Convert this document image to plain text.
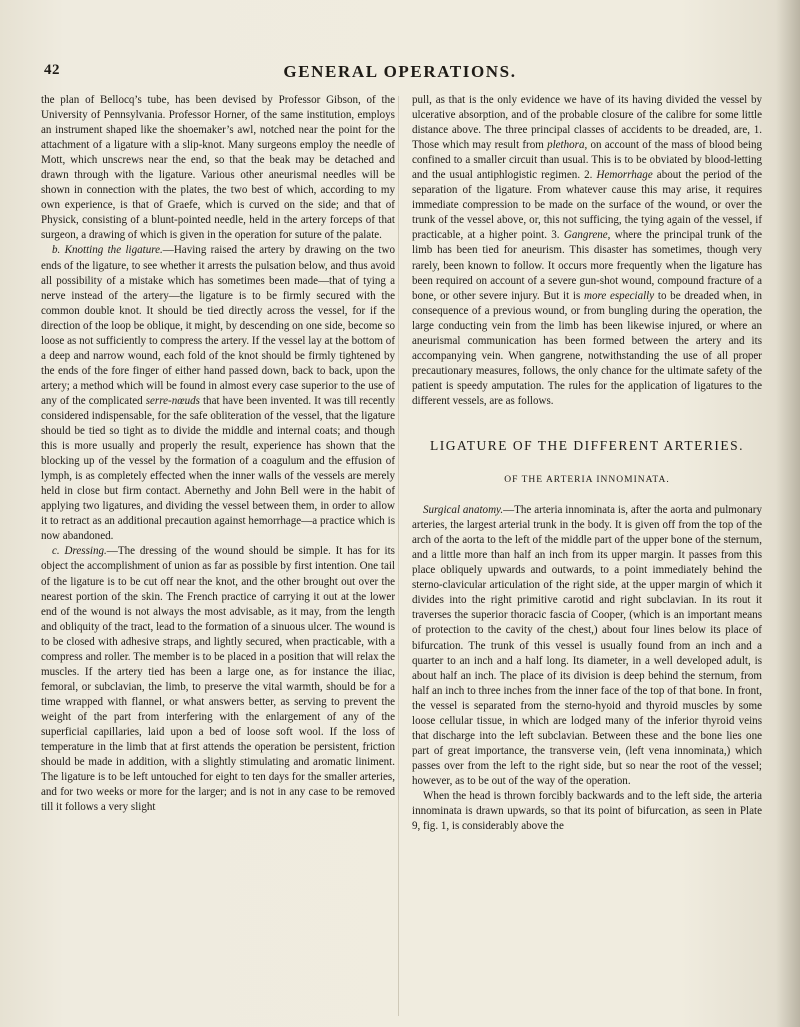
42	GENERAL OPERATIONS.

the plan of Bellocq’s tube, has been devised by Professor Gibson, of the University of Pennsylvania. Professor Horner, of the same institution, employs an instrument shaped like the shoemaker’s awl, notched near the point for the attachment of a ligature with a slip-knot. Many surgeons employ the needle of Mott, which unscrews near the end, so that the beak may be detached and drawn through with the ligature. Various other aneurismal needles will be shown in connection with the plates, the two best of which, according to my own experience, is that of Graefe, which is curved on the side; and that of Physick, consisting of a blunt-pointed needle, held in the artery forceps of that surgeon, a drawing of which is given in the operation for suture of the palate.

b. Knotting the ligature.—Having raised the artery by drawing on the two ends of the ligature, to see whether it arrests the pulsation below, and thus avoid all possibility of a mistake which has sometimes been made—that of tying a nerve instead of the artery—the ligature is to be firmly secured with the common double knot. It should be tied directly across the vessel, for if the direction of the loop be oblique, it might, by descending on one side, become so loose as not sufficiently to compress the artery. If the vessel lay at the bottom of a deep and narrow wound, each fold of the knot should be firmly tightened by the ends of the fore finger of either hand passed down, back to back, upon the artery; a method which will be found in almost every case superior to the use of any of the complicated serre-nœuds that have been invented. It was till recently considered indispensable, for the safe obliteration of the vessel, that the ligature should be tied so tight as to divide the middle and internal coats; and though this is more usually and properly the result, experience has shown that the blocking up of the vessel by the formation of a coagulum and the effusion of lymph, is as completely effected when the inner walls of the vessels are merely held in close but firm contact. Abernethy and John Bell were in the habit of applying two ligatures, and dividing the vessel between them, in order to allow it to retract as an additional precaution against hemorrhage—a practice which is now abandoned.

c. Dressing.—The dressing of the wound should be simple. It has for its object the accomplishment of union as far as possible by first intention. One tail of the ligature is to be cut off near the knot, and the other brought out over the nearest portion of the skin. The French practice of carrying it out at the lower end of the wound is not always the most advisable, as it may, from the length and obliquity of the tract, lead to the formation of a sinuous ulcer. The wound is to be closed with adhesive straps, and lightly secured, when practicable, with a compress and roller. The member is to be placed in a position that will relax the muscles. If the artery tied has been a large one, as for instance the iliac, femoral, or subclavian, the limb, to preserve the vital warmth, should be for a time wrapped with flannel, or what answers better, as serving to prevent the weight of the part from interfering with the enlargement of any of the superficial capillaries, laid upon a bed of loose soft wool. If the loss of temperature in the limb that at first attends the operation be persistent, friction should be made in addition, with a slightly stimulating and aromatic liniment. The ligature is to be left untouched for eight to ten days for the smaller arteries, and for two weeks or more for the larger; and is not in any case to be removed till it follows a very slight

pull, as that is the only evidence we have of its having divided the vessel by ulcerative absorption, and of the probable closure of the calibre for some little distance above. The three principal classes of accidents to be dreaded, are, 1. Those which may result from plethora, on account of the mass of blood being confined to a smaller circuit than usual. This is to be obviated by blood-letting and the usual antiphlogistic regimen. 2. Hemorrhage about the period of the separation of the ligature. From whatever cause this may arise, it requires immediate compression to be made on the surface of the wound, or over the trunk of the vessel above, or, this not sufficing, the tying again of the vessel, if practicable, at a higher point. 3. Gangrene, where the principal trunk of the limb has been tied for aneurism. This disaster has sometimes, though very rarely, been known to follow. It occurs more frequently when the ligature has been required on account of a severe gun-shot wound, compound fracture of a bone, or other severe injury. But it is more especially to be dreaded when, in consequence of a previous wound, or from bungling during the operation, the large conducting vein from the limb has been likewise injured, or where an aneurismal communication has been formed between the artery and its accompanying vein. When gangrene, notwithstanding the use of all proper precautionary measures, follows, the only chance for the ultimate safety of the patient is speedy amputation. The rules for the application of ligatures to the different vessels, are as follows.

LIGATURE OF THE DIFFERENT ARTERIES.
OF THE ARTERIA INNOMINATA.

Surgical anatomy.—The arteria innominata is, after the aorta and pulmonary arteries, the largest arterial trunk in the body. It is given off from the top of the arch of the aorta to the left of the middle part of the upper bone of the sternum, and a little more than half an inch from its upper margin. It passes from this place obliquely upwards and outwards, to a point immediately behind the sterno-clavicular articulation of the right side, at the upper margin of which it divides into the right primitive carotid and right subclavian. In its rout it traverses the superior thoracic fascia of Cooper, (which is an important means of protection to the cavity of the chest,) about four lines below its place of bifurcation. The trunk of this vessel is usually found from an inch and a quarter to an inch and a half long. Its diameter, in a well developed adult, is about half an inch. The place of its division is deep behind the sternum, from half an inch to three inches from the inner face of the top of that bone. In front, the vessel is separated from the sterno-hyoid and thyroid muscles by some loose cellular tissue, in which are lodged many of the inferior thyroid veins that discharge into the left subclavian. Between these and the bone lies one part of great importance, the transverse vein, (left vena innominata,) which passes over from the left to the right side, but so near the root of the vessel; however, as to be out of the way of the operation.

When the head is thrown forcibly backwards and to the left side, the arteria innominata is drawn upwards, so that its point of bifurcation, as seen in Plate 9, fig. 1, is considerably above the
